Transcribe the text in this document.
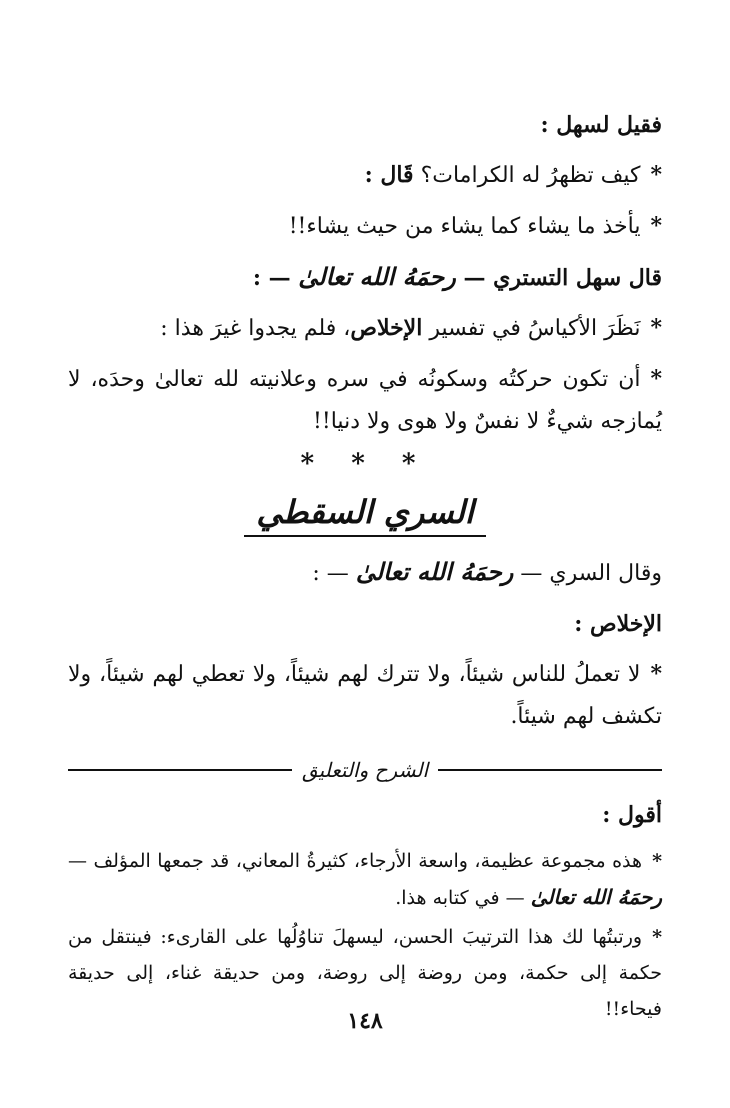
فقيل لسهل :
*كيف تظهرُ له الكرامات؟ قَال :
*يأخذ ما يشاء كما يشاء من حيث يشاء!!
قال سهل التستري — رحمَهُ الله تعالىٰ — :
*نَظَرَ الأكياسُ في تفسير الإخلاص، فلم يجدوا غيرَ هذا :
*أن تكون حركتُه وسكونُه في سره وعلانيته لله تعالىٰ وحدَه، لا يُمازجه شيءٌ لا نفسٌ ولا هوى ولا دنيا!!
* * *
السري السقطي
وقال السري — رحمَهُ الله تعالىٰ — :
الإخلاص :
*لا تعملُ للناس شيئاً، ولا تترك لهم شيئاً، ولا تعطي لهم شيئاً، ولا تكشف لهم شيئاً.
الشرح والتعليق
أقول :
*هذه مجموعة عظيمة، واسعة الأرجاء، كثيرةُ المعاني، قد جمعها المؤلف — رحمَهُ الله تعالىٰ — في كتابه هذا.
*ورتبتُها لك هذا الترتيبَ الحسن، ليسهلَ تناوُلُها على القارىء: فينتقل من حكمة إلى حكمة، ومن روضة إلى روضة، ومن حديقة غناء، إلى حديقة فيحاء!!
١٤٨
